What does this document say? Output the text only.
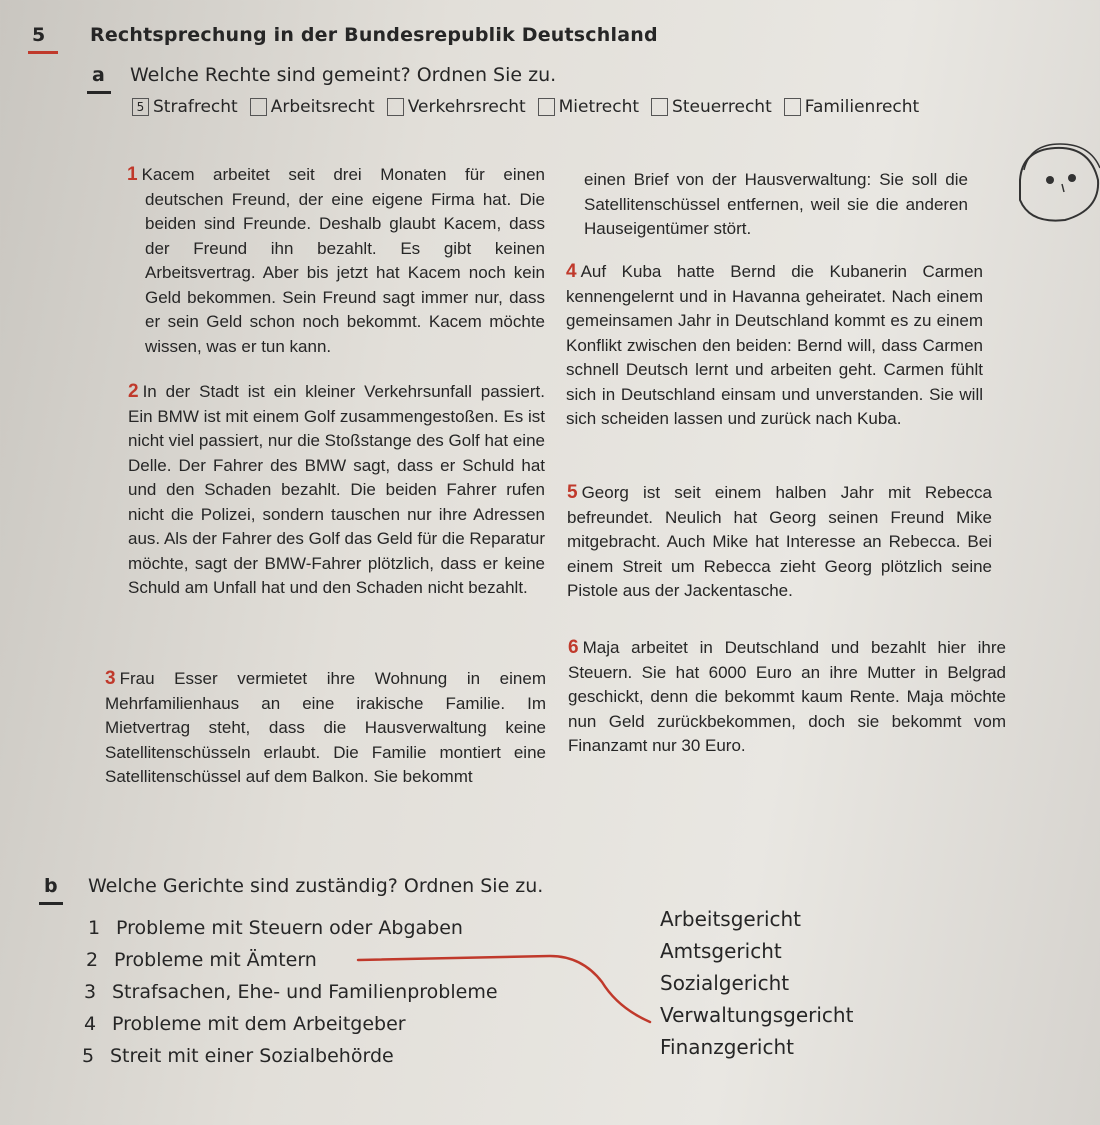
5 Rechtsprechung in der Bundesrepublik Deutschland
a Welche Rechte sind gemeint? Ordnen Sie zu.
5 Strafrecht Arbeitsrecht Verkehrsrecht Mietrecht Steuerrecht Familienrecht
1 Kacem arbeitet seit drei Monaten für einen deutschen Freund, der eine eigene Firma hat. Die beiden sind Freunde. Deshalb glaubt Kacem, dass der Freund ihn bezahlt. Es gibt keinen Arbeitsvertrag. Aber bis jetzt hat Kacem noch kein Geld bekommen. Sein Freund sagt immer nur, dass er sein Geld schon noch bekommt. Kacem möchte wissen, was er tun kann.
2 In der Stadt ist ein kleiner Verkehrsunfall passiert. Ein BMW ist mit einem Golf zusammengestoßen. Es ist nicht viel passiert, nur die Stoßstange des Golf hat eine Delle. Der Fahrer des BMW sagt, dass er Schuld hat und den Schaden bezahlt. Die beiden Fahrer rufen nicht die Polizei, sondern tauschen nur ihre Adressen aus. Als der Fahrer des Golf das Geld für die Reparatur möchte, sagt der BMW-Fahrer plötzlich, dass er keine Schuld am Unfall hat und den Schaden nicht bezahlt.
3 Frau Esser vermietet ihre Wohnung in einem Mehrfamilienhaus an eine irakische Familie. Im Mietvertrag steht, dass die Hausverwaltung keine Satellitenschüsseln erlaubt. Die Familie montiert eine Satellitenschüssel auf dem Balkon. Sie bekommt
einen Brief von der Hausverwaltung: Sie soll die Satellitenschüssel entfernen, weil sie die anderen Hauseigentümer stört.
4 Auf Kuba hatte Bernd die Kubanerin Carmen kennengelernt und in Havanna geheiratet. Nach einem gemeinsamen Jahr in Deutschland kommt es zu einem Konflikt zwischen den beiden: Bernd will, dass Carmen schnell Deutsch lernt und arbeiten geht. Carmen fühlt sich in Deutschland einsam und unverstanden. Sie will sich scheiden lassen und zurück nach Kuba.
5 Georg ist seit einem halben Jahr mit Rebecca befreundet. Neulich hat Georg seinen Freund Mike mitgebracht. Auch Mike hat Interesse an Rebecca. Bei einem Streit um Rebecca zieht Georg plötzlich seine Pistole aus der Jackentasche.
6 Maja arbeitet in Deutschland und bezahlt hier ihre Steuern. Sie hat 6000 Euro an ihre Mutter in Belgrad geschickt, denn die bekommt kaum Rente. Maja möchte nun Geld zurückbekommen, doch sie bekommt vom Finanzamt nur 30 Euro.
b Welche Gerichte sind zuständig? Ordnen Sie zu.
1 Probleme mit Steuern oder Abgaben
2 Probleme mit Ämtern
3 Strafsachen, Ehe- und Familienprobleme
4 Probleme mit dem Arbeitgeber
5 Streit mit einer Sozialbehörde
Arbeitsgericht
Amtsgericht
Sozialgericht
Verwaltungsgericht
Finanzgericht
